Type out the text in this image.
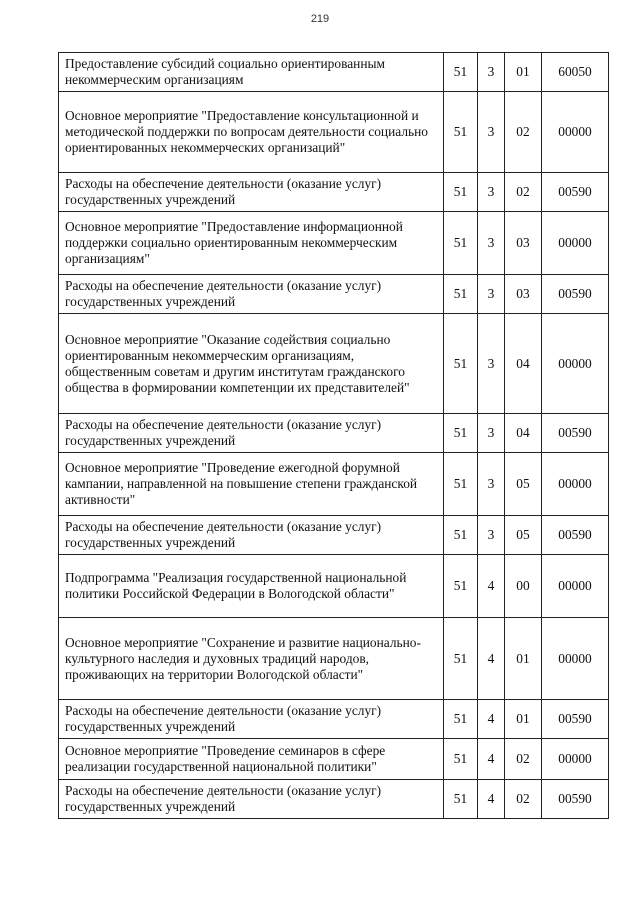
219
Предоставление субсидий социально ориентированным некоммерческим организациям	51	3	01	60050
Основное мероприятие "Предоставление консультационной и методической поддержки по вопросам деятельности социально ориентированных некоммерческих организаций"	51	3	02	00000
Расходы на обеспечение деятельности (оказание услуг) государственных учреждений	51	3	02	00590
Основное мероприятие "Предоставление информационной поддержки социально ориентированным некоммерческим организациям"	51	3	03	00000
Расходы на обеспечение деятельности (оказание услуг) государственных учреждений	51	3	03	00590
Основное мероприятие "Оказание содействия социально ориентированным некоммерческим организациям, общественным советам и другим институтам гражданского общества в формировании компетенции их представителей"	51	3	04	00000
Расходы на обеспечение деятельности (оказание услуг) государственных учреждений	51	3	04	00590
Основное мероприятие "Проведение ежегодной форумной кампании, направленной на повышение степени гражданской активности"	51	3	05	00000
Расходы на обеспечение деятельности (оказание услуг) государственных учреждений	51	3	05	00590
Подпрограмма "Реализация государственной национальной политики Российской Федерации в Вологодской области"	51	4	00	00000
Основное мероприятие "Сохранение и развитие национально-культурного наследия и духовных традиций народов, проживающих на территории Вологодской области"	51	4	01	00000
Расходы на обеспечение деятельности (оказание услуг) государственных учреждений	51	4	01	00590
Основное мероприятие "Проведение семинаров в сфере реализации государственной национальной политики"	51	4	02	00000
Расходы на обеспечение деятельности (оказание услуг) государственных учреждений	51	4	02	00590
